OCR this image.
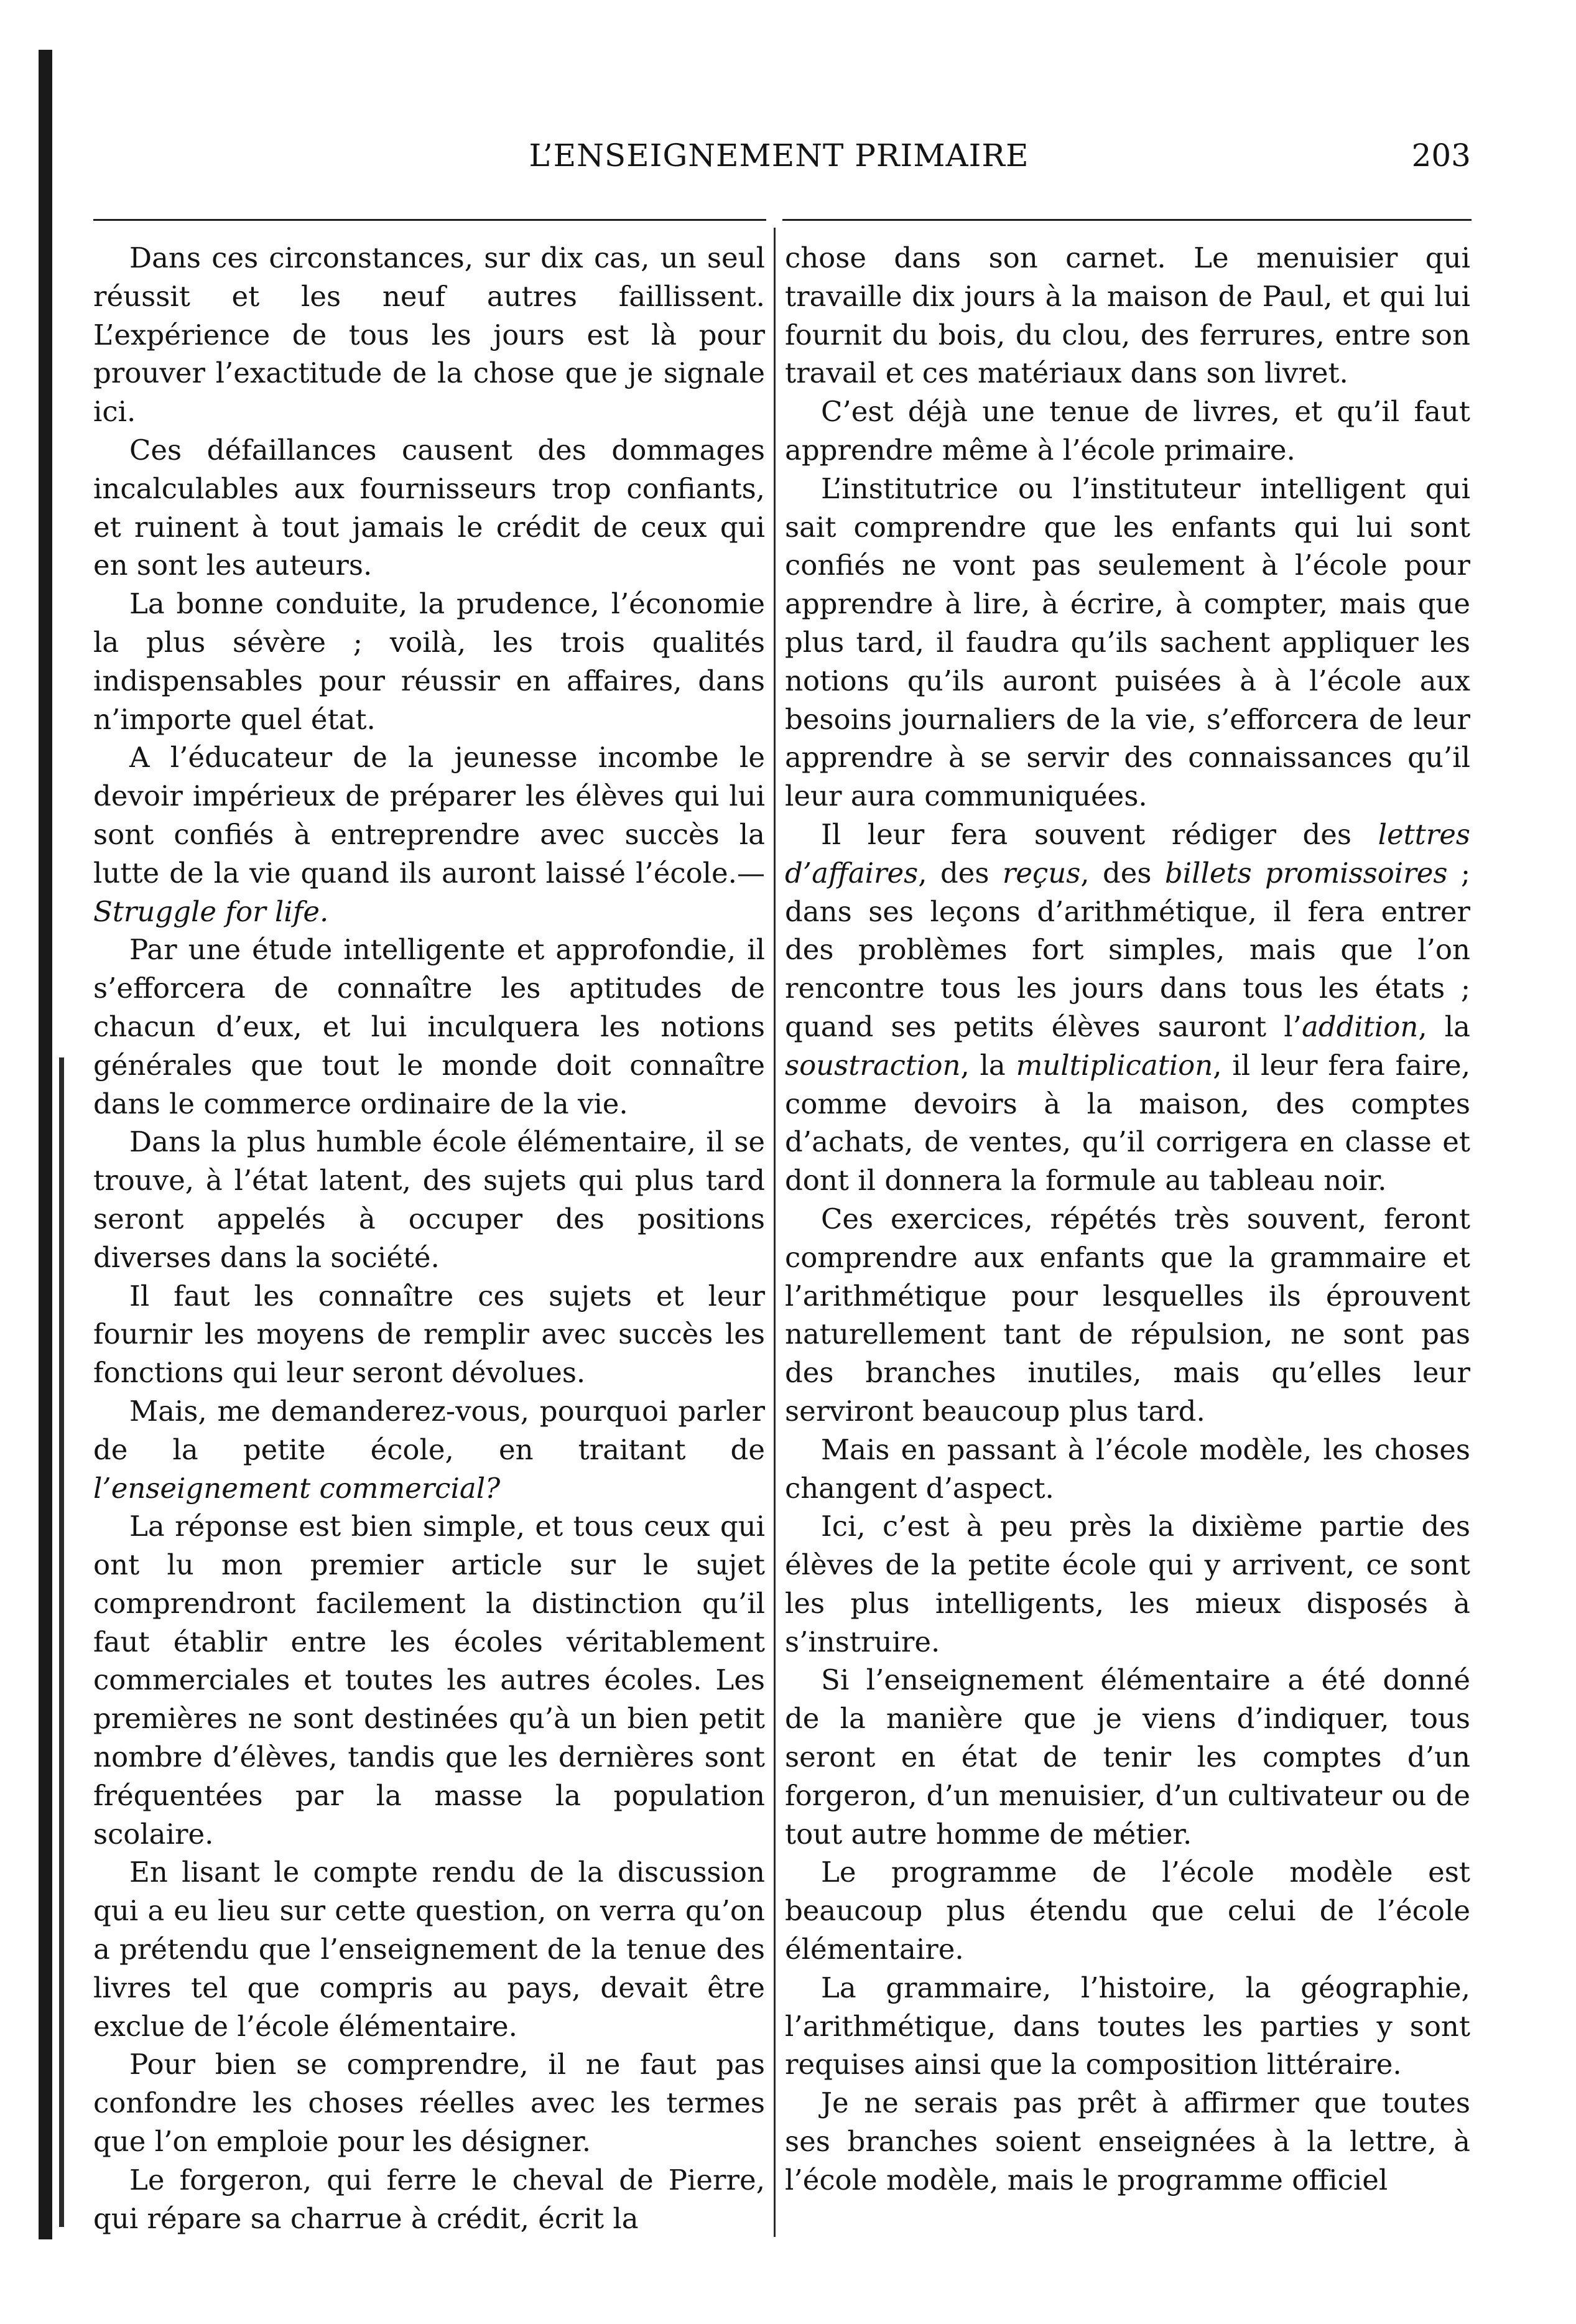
L’ENSEIGNEMENT PRIMAIRE	203

Dans ces circonstances, sur dix cas, un seul réussit et les neuf autres faillissent. L’expérience de tous les jours est là pour prouver l’exactitude de la chose que je signale ici.

Ces défaillances causent des dommages incalculables aux fournisseurs trop confiants, et ruinent à tout jamais le crédit de ceux qui en sont les auteurs.

La bonne conduite, la prudence, l’économie la plus sévère ; voilà, les trois qualités indispensables pour réussir en affaires, dans n’importe quel état.

A l’éducateur de la jeunesse incombe le devoir impérieux de préparer les élèves qui lui sont confiés à entreprendre avec succès la lutte de la vie quand ils auront laissé l’école.—Struggle for life.

Par une étude intelligente et approfondie, il s’efforcera de connaître les aptitudes de chacun d’eux, et lui inculquera les notions générales que tout le monde doit connaître dans le commerce ordinaire de la vie.

Dans la plus humble école élémentaire, il se trouve, à l’état latent, des sujets qui plus tard seront appelés à occuper des positions diverses dans la société.

Il faut les connaître ces sujets et leur fournir les moyens de remplir avec succès les fonctions qui leur seront dévolues.

Mais, me demanderez-vous, pourquoi parler de la petite école, en traitant de l’enseignement commercial?

La réponse est bien simple, et tous ceux qui ont lu mon premier article sur le sujet comprendront facilement la distinction qu’il faut établir entre les écoles véritablement commerciales et toutes les autres écoles. Les premières ne sont destinées qu’à un bien petit nombre d’élèves, tandis que les dernières sont fréquentées par la masse la population scolaire.

En lisant le compte rendu de la discussion qui a eu lieu sur cette question, on verra qu’on a prétendu que l’enseignement de la tenue des livres tel que compris au pays, devait être exclue de l’école élémentaire.

Pour bien se comprendre, il ne faut pas confondre les choses réelles avec les termes que l’on emploie pour les désigner.

Le forgeron, qui ferre le cheval de Pierre, qui répare sa charrue à crédit, écrit la

chose dans son carnet. Le menuisier qui travaille dix jours à la maison de Paul, et qui lui fournit du bois, du clou, des ferrures, entre son travail et ces matériaux dans son livret.

C’est déjà une tenue de livres, et qu’il faut apprendre même à l’école primaire.

L’institutrice ou l’instituteur intelligent qui sait comprendre que les enfants qui lui sont confiés ne vont pas seulement à l’école pour apprendre à lire, à écrire, à compter, mais que plus tard, il faudra qu’ils sachent appliquer les notions qu’ils auront puisées à à l’école aux besoins journaliers de la vie, s’efforcera de leur apprendre à se servir des connaissances qu’il leur aura communiquées.

Il leur fera souvent rédiger des lettres d’affaires, des reçus, des billets promissoires ; dans ses leçons d’arithmétique, il fera entrer des problèmes fort simples, mais que l’on rencontre tous les jours dans tous les états ; quand ses petits élèves sauront l’addition, la soustraction, la multiplication, il leur fera faire, comme devoirs à la maison, des comptes d’achats, de ventes, qu’il corrigera en classe et dont il donnera la formule au tableau noir.

Ces exercices, répétés très souvent, feront comprendre aux enfants que la grammaire et l’arithmétique pour lesquelles ils éprouvent naturellement tant de répulsion, ne sont pas des branches inutiles, mais qu’elles leur serviront beaucoup plus tard.

Mais en passant à l’école modèle, les choses changent d’aspect.

Ici, c’est à peu près la dixième partie des élèves de la petite école qui y arrivent, ce sont les plus intelligents, les mieux disposés à s’instruire.

Si l’enseignement élémentaire a été donné de la manière que je viens d’indiquer, tous seront en état de tenir les comptes d’un forgeron, d’un menuisier, d’un cultivateur ou de tout autre homme de métier.

Le programme de l’école modèle est beaucoup plus étendu que celui de l’école élémentaire.

La grammaire, l’histoire, la géographie, l’arithmétique, dans toutes les parties y sont requises ainsi que la composition littéraire.

Je ne serais pas prêt à affirmer que toutes ses branches soient enseignées à la lettre, à l’école modèle, mais le programme officiel
